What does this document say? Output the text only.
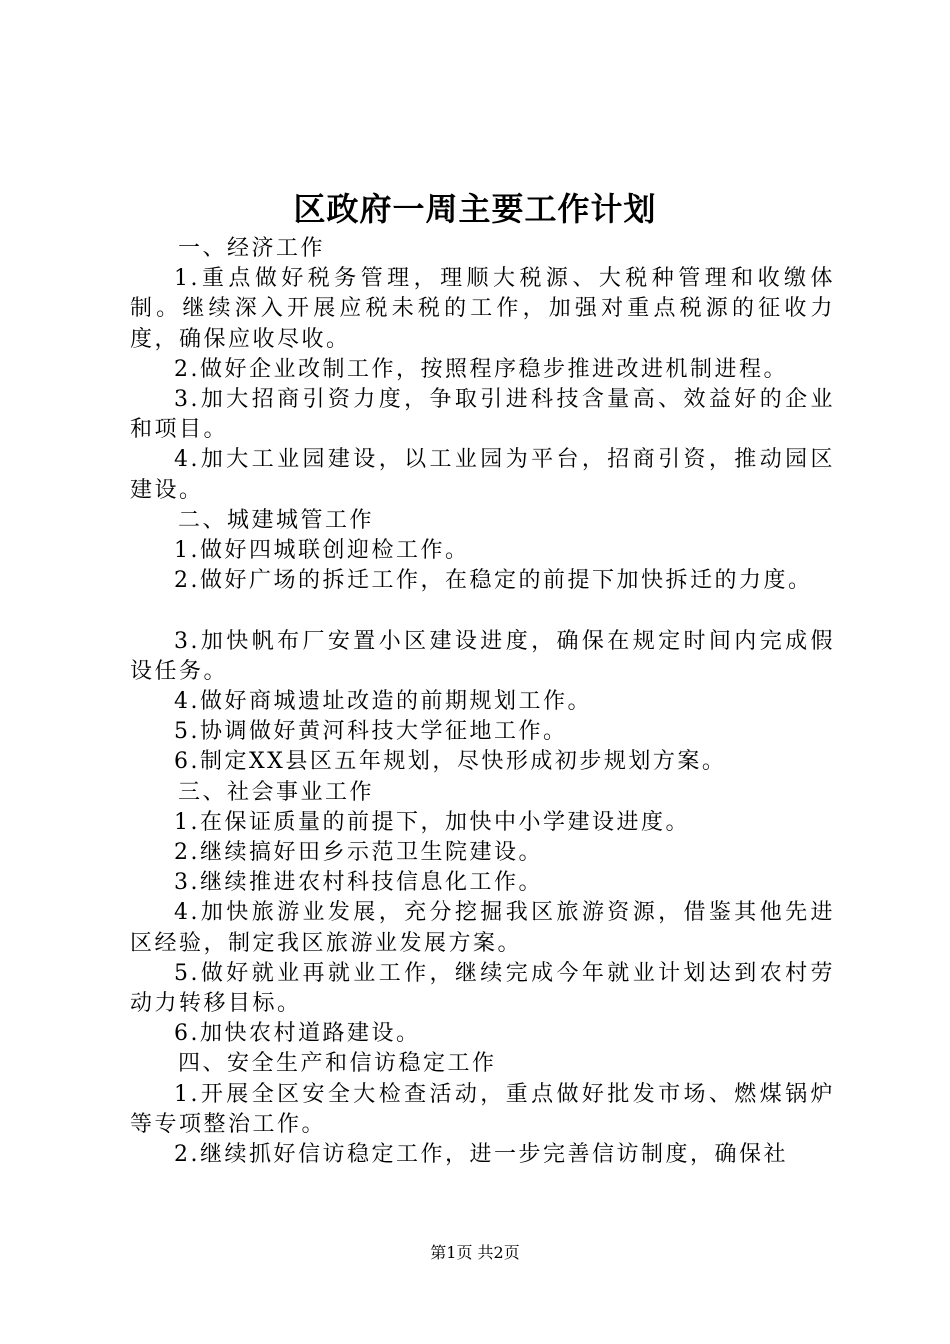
区政府一周主要工作计划

一、经济工作

1.重点做好税务管理，理顺大税源、大税种管理和收缴体制。继续深入开展应税未税的工作，加强对重点税源的征收力度，确保应收尽收。

2.做好企业改制工作，按照程序稳步推进改进机制进程。

3.加大招商引资力度，争取引进科技含量高、效益好的企业和项目。

4.加大工业园建设，以工业园为平台，招商引资，推动园区建设。

二、城建城管工作

1.做好四城联创迎检工作。

2.做好广场的拆迁工作，在稳定的前提下加快拆迁的力度。

3.加快帆布厂安置小区建设进度，确保在规定时间内完成假设任务。

4.做好商城遗址改造的前期规划工作。

5.协调做好黄河科技大学征地工作。

6.制定XX县区五年规划，尽快形成初步规划方案。

三、社会事业工作

1.在保证质量的前提下，加快中小学建设进度。

2.继续搞好田乡示范卫生院建设。

3.继续推进农村科技信息化工作。

4.加快旅游业发展，充分挖掘我区旅游资源，借鉴其他先进区经验，制定我区旅游业发展方案。

5.做好就业再就业工作，继续完成今年就业计划达到农村劳动力转移目标。

6.加快农村道路建设。

四、安全生产和信访稳定工作

1.开展全区安全大检查活动，重点做好批发市场、燃煤锅炉等专项整治工作。

2.继续抓好信访稳定工作，进一步完善信访制度，确保社

第1页 共2页
